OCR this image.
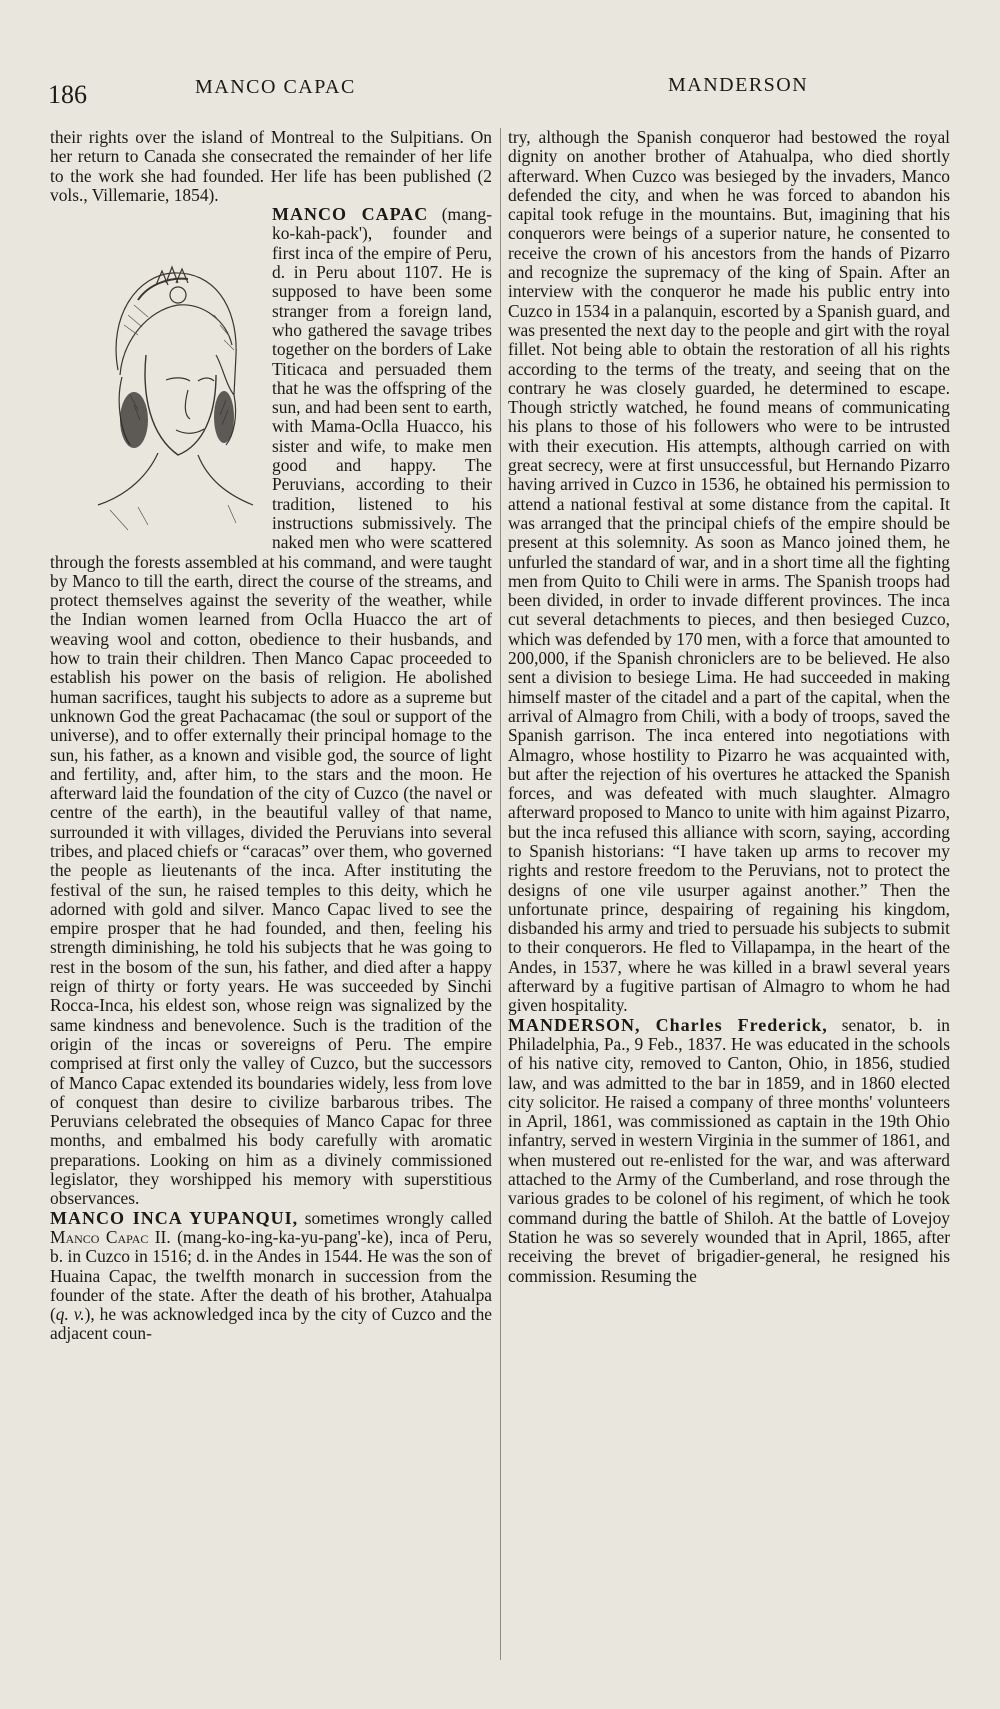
186	MANCO CAPAC	MANDERSON

their rights over the island of Montreal to the Sulpitians. On her return to Canada she consecrated the remainder of her life to the work she had founded. Her life has been published (2 vols., Villemarie, 1854).

MANCO CAPAC
(mang-ko-kah-pack'), founder and first inca of the empire of Peru, d. in Peru about 1107. He is supposed to have been some stranger from a foreign land, who gathered the savage tribes together on the borders of Lake Titicaca and persuaded them that he was the offspring of the sun, and had been sent to earth, with Mama-Oclla Huacco, his sister and wife, to make men good and happy. The Peruvians, according to their tradition, listened to his instructions submissively. The naked men who were scattered through the forests assembled at his command, and were taught by Manco to till the earth, direct the course of the streams, and protect themselves against the severity of the weather, while the Indian women learned from Oclla Huacco the art of weaving wool and cotton, obedience to their husbands, and how to train their children. Then Manco Capac proceeded to establish his power on the basis of religion. He abolished human sacrifices, taught his subjects to adore as a supreme but unknown God the great Pachacamac (the soul or support of the universe), and to offer externally their principal homage to the sun, his father, as a known and visible god, the source of light and fertility, and, after him, to the stars and the moon. He afterward laid the foundation of the city of Cuzco (the navel or centre of the earth), in the beautiful valley of that name, surrounded it with villages, divided the Peruvians into several tribes, and placed chiefs or “caracas” over them, who governed the people as lieutenants of the inca. After instituting the festival of the sun, he raised temples to this deity, which he adorned with gold and silver. Manco Capac lived to see the empire prosper that he had founded, and then, feeling his strength diminishing, he told his subjects that he was going to rest in the bosom of the sun, his father, and died after a happy reign of thirty or forty years. He was succeeded by Sinchi Rocca-Inca, his eldest son, whose reign was signalized by the same kindness and benevolence. Such is the tradition of the origin of the incas or sovereigns of Peru. The empire comprised at first only the valley of Cuzco, but the successors of Manco Capac extended its boundaries widely, less from love of conquest than desire to civilize barbarous tribes. The Peruvians celebrated the obsequies of Manco Capac for three months, and embalmed his body carefully with aromatic preparations. Looking on him as a divinely commissioned legislator, they worshipped his memory with superstitious observances.

MANCO INCA YUPANQUI, sometimes wrongly called Manco Capac II. (mang-ko-ing-ka-yu-pang'-ke), inca of Peru, b. in Cuzco in 1516; d. in the Andes in 1544. He was the son of Huaina Capac, the twelfth monarch in succession from the founder of the state. After the death of his brother, Atahualpa (q. v.), he was acknowledged inca by the city of Cuzco and the adjacent coun-

try, although the Spanish conqueror had bestowed the royal dignity on another brother of Atahualpa, who died shortly afterward. When Cuzco was besieged by the invaders, Manco defended the city, and when he was forced to abandon his capital took refuge in the mountains. But, imagining that his conquerors were beings of a superior nature, he consented to receive the crown of his ancestors from the hands of Pizarro and recognize the supremacy of the king of Spain. After an interview with the conqueror he made his public entry into Cuzco in 1534 in a palanquin, escorted by a Spanish guard, and was presented the next day to the people and girt with the royal fillet. Not being able to obtain the restoration of all his rights according to the terms of the treaty, and seeing that on the contrary he was closely guarded, he determined to escape. Though strictly watched, he found means of communicating his plans to those of his followers who were to be intrusted with their execution. His attempts, although carried on with great secrecy, were at first unsuccessful, but Hernando Pizarro having arrived in Cuzco in 1536, he obtained his permission to attend a national festival at some distance from the capital. It was arranged that the principal chiefs of the empire should be present at this solemnity. As soon as Manco joined them, he unfurled the standard of war, and in a short time all the fighting men from Quito to Chili were in arms. The Spanish troops had been divided, in order to invade different provinces. The inca cut several detachments to pieces, and then besieged Cuzco, which was defended by 170 men, with a force that amounted to 200,000, if the Spanish chroniclers are to be believed. He also sent a division to besiege Lima. He had succeeded in making himself master of the citadel and a part of the capital, when the arrival of Almagro from Chili, with a body of troops, saved the Spanish garrison. The inca entered into negotiations with Almagro, whose hostility to Pizarro he was acquainted with, but after the rejection of his overtures he attacked the Spanish forces, and was defeated with much slaughter. Almagro afterward proposed to Manco to unite with him against Pizarro, but the inca refused this alliance with scorn, saying, according to Spanish historians: “I have taken up arms to recover my rights and restore freedom to the Peruvians, not to protect the designs of one vile usurper against another.” Then the unfortunate prince, despairing of regaining his kingdom, disbanded his army and tried to persuade his subjects to submit to their conquerors. He fled to Villapampa, in the heart of the Andes, in 1537, where he was killed in a brawl several years afterward by a fugitive partisan of Almagro to whom he had given hospitality.

MANDERSON, Charles Frederick, senator, b. in Philadelphia, Pa., 9 Feb., 1837. He was educated in the schools of his native city, removed to Canton, Ohio, in 1856, studied law, and was admitted to the bar in 1859, and in 1860 elected city solicitor. He raised a company of three months' volunteers in April, 1861, was commissioned as captain in the 19th Ohio infantry, served in western Virginia in the summer of 1861, and when mustered out re-enlisted for the war, and was afterward attached to the Army of the Cumberland, and rose through the various grades to be colonel of his regiment, of which he took command during the battle of Shiloh. At the battle of Lovejoy Station he was so severely wounded that in April, 1865, after receiving the brevet of brigadier-general, he resigned his commission. Resuming the
